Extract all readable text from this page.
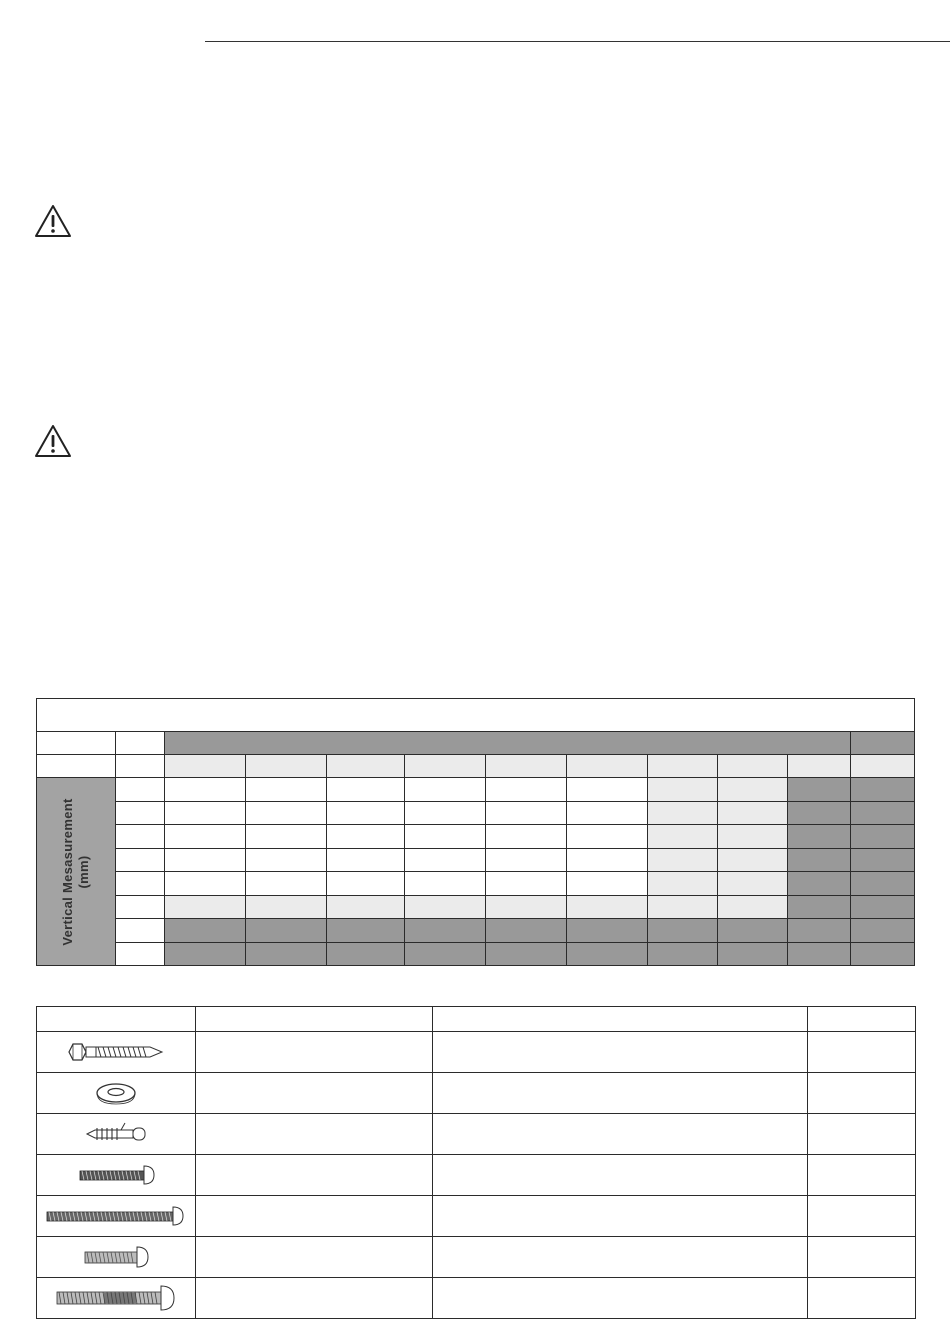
Vertical Mesasurement (mm)											
